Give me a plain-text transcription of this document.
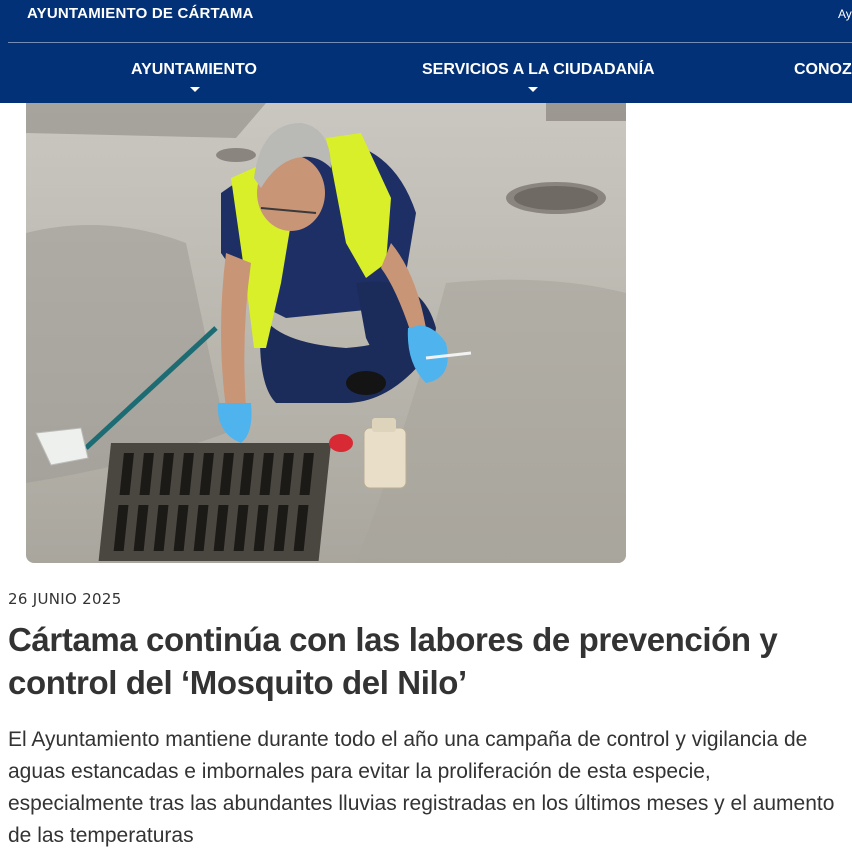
AYUNTAMIENTO DE CÁRTAMA	Ay
AYUNTAMIENTO	SERVICIOS A LA CIUDADANÍA	CONOZ
26 JUNIO 2025
Cártama continúa con las labores de prevención y control del ‘Mosquito del Nilo’

El Ayuntamiento mantiene durante todo el año una campaña de control y vigilancia de aguas estancadas e imbornales para evitar la proliferación de esta especie, especialmente tras las abundantes lluvias registradas en los últimos meses y el aumento de las temperaturas
